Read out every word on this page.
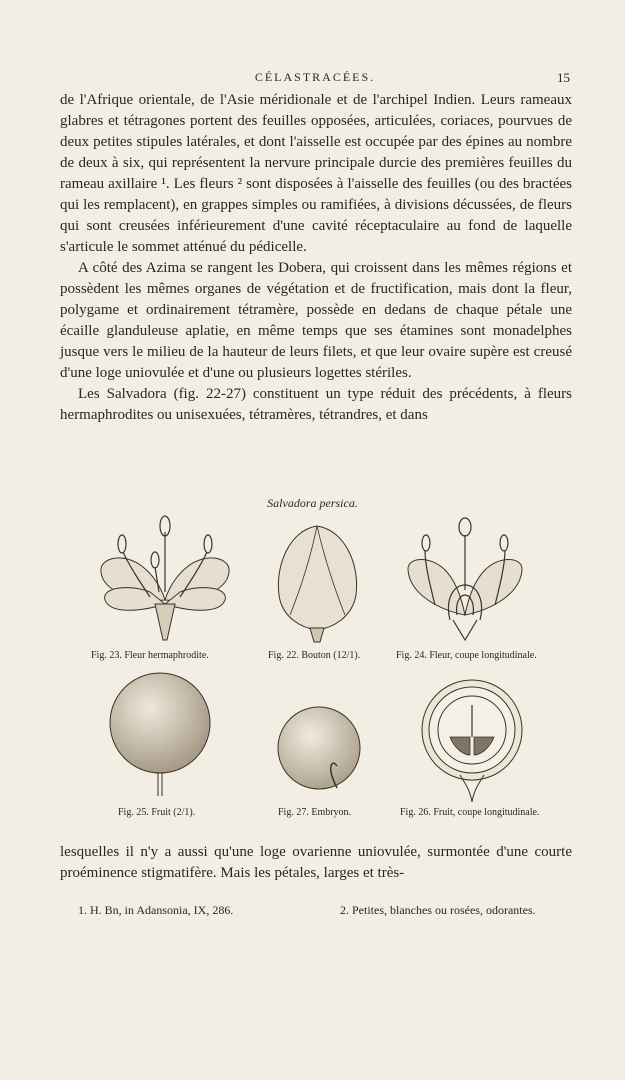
CÉLASTRACÉES.	15

de l'Afrique orientale, de l'Asie méridionale et de l'archipel Indien. Leurs rameaux glabres et tétragones portent des feuilles opposées, articulées, coriaces, pourvues de deux petites stipules latérales, et dont l'aisselle est occupée par des épines au nombre de deux à six, qui représentent la nervure principale durcie des premières feuilles du rameau axillaire ¹. Les fleurs ² sont disposées à l'aisselle des feuilles (ou des bractées qui les remplacent), en grappes simples ou ramifiées, à divisions décussées, de fleurs qui sont creusées inférieurement d'une cavité réceptaculaire au fond de laquelle s'articule le sommet atténué du pédicelle.

A côté des Azima se rangent les Dobera, qui croissent dans les mêmes régions et possèdent les mêmes organes de végétation et de fructification, mais dont la fleur, polygame et ordinairement tétramère, possède en dedans de chaque pétale une écaille glanduleuse aplatie, en même temps que ses étamines sont monadelphes jusque vers le milieu de la hauteur de leurs filets, et que leur ovaire supère est creusé d'une loge uniovulée et d'une ou plusieurs logettes stériles.

Les Salvadora (fig. 22-27) constituent un type réduit des précédents, à fleurs hermaphrodites ou unisexuées, tétramères, tétrandres, et dans

Salvadora persica.
Fig. 23. Fleur hermaphrodite.	Fig. 22. Bouton (12/1).	Fig. 24. Fleur, coupe longitudinale.
Fig. 25. Fruit (2/1).	Fig. 27. Embryon.	Fig. 26. Fruit, coupe longitudinale.

lesquelles il n'y a aussi qu'une loge ovarienne uniovulée, surmontée d'une courte proéminence stigmatifère. Mais les pétales, larges et très-

1. H. Bn, in Adansonia, IX, 286.	2. Petites, blanches ou rosées, odorantes.
